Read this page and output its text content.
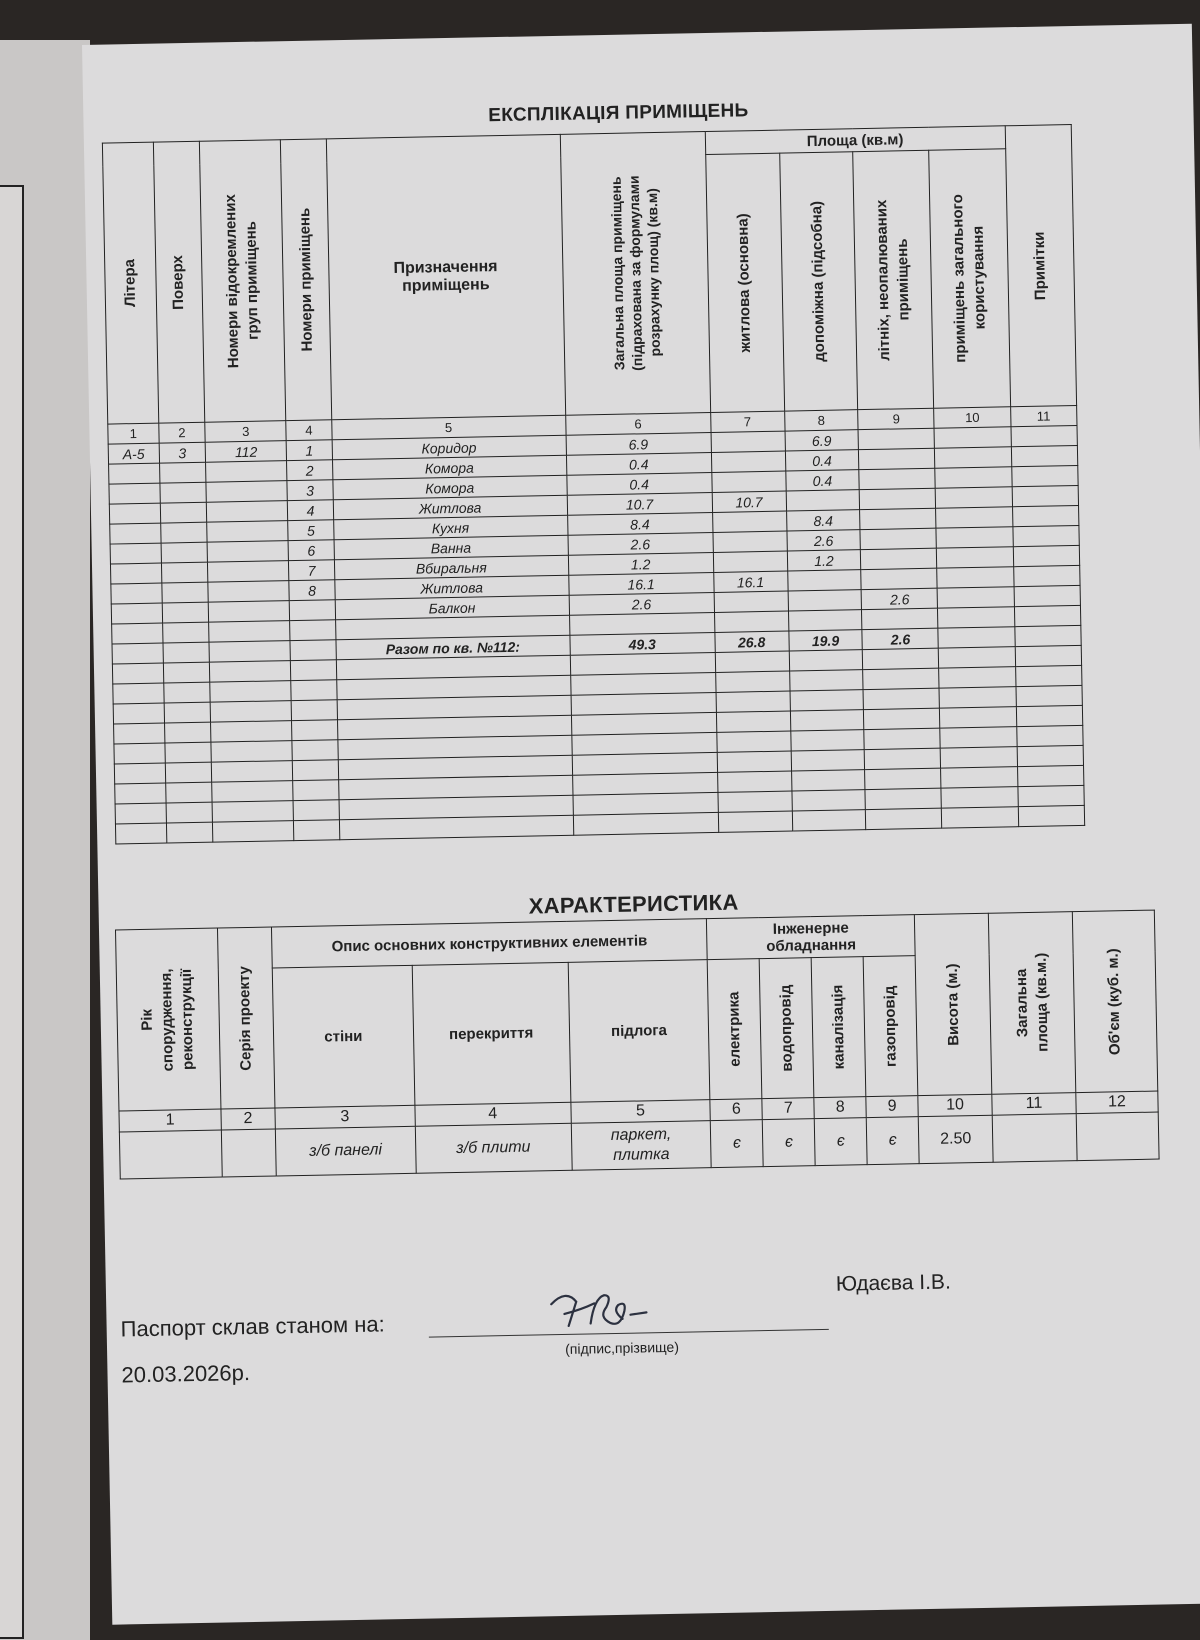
ЕКСПЛІКАЦІЯ ПРИМІЩЕНЬ
Літера	Поверх	Номери відокремлених
груп приміщень	Номери приміщень	Призначення
приміщень	Загальна площа приміщень
(підрахована за формулами
розрахунку площ) (кв.м)	Площа (кв.м)				Примітки

						житлова (основна)	допоміжна (підсобна)	літніх, неопалюваних
приміщень	приміщень загального
користування	

1	2	3	4	5	6	7	8	9	10	11
А-5	3	112	1	Коридор	6.9		6.9			
			2	Комора	0.4		0.4			
			3	Комора	0.4		0.4			
			4	Житлова	10.7	10.7				
			5	Кухня	8.4		8.4			
			6	Ванна	2.6		2.6			
			7	Вбиральня	1.2		1.2			
			8	Житлова	16.1	16.1				
				Балкон	2.6			2.6		

				Разом по кв. №112:	49.3	26.8	19.9	2.6		

ХАРАКТЕРИСТИКА
Рік
спорудження,
реконструкції	Серія проекту	Опис основних конструктивних елементів			Інженерне
обладнання				Висота (м.)	Загальна
площа (кв.м.)	Об'єм (куб. м.)

		стіни	перекриття	підлога	електрика	водопровід	каналізація	газопровід			

1	2	3	4	5	6	7	8	9	10	11	12
		з/б панелі	з/б плити	паркет,
плитка	є	є	є	є	2.50		
Паспорт склав станом на:
20.03.2026р.
(підпис,прізвище)
Юдаєва І.В.
